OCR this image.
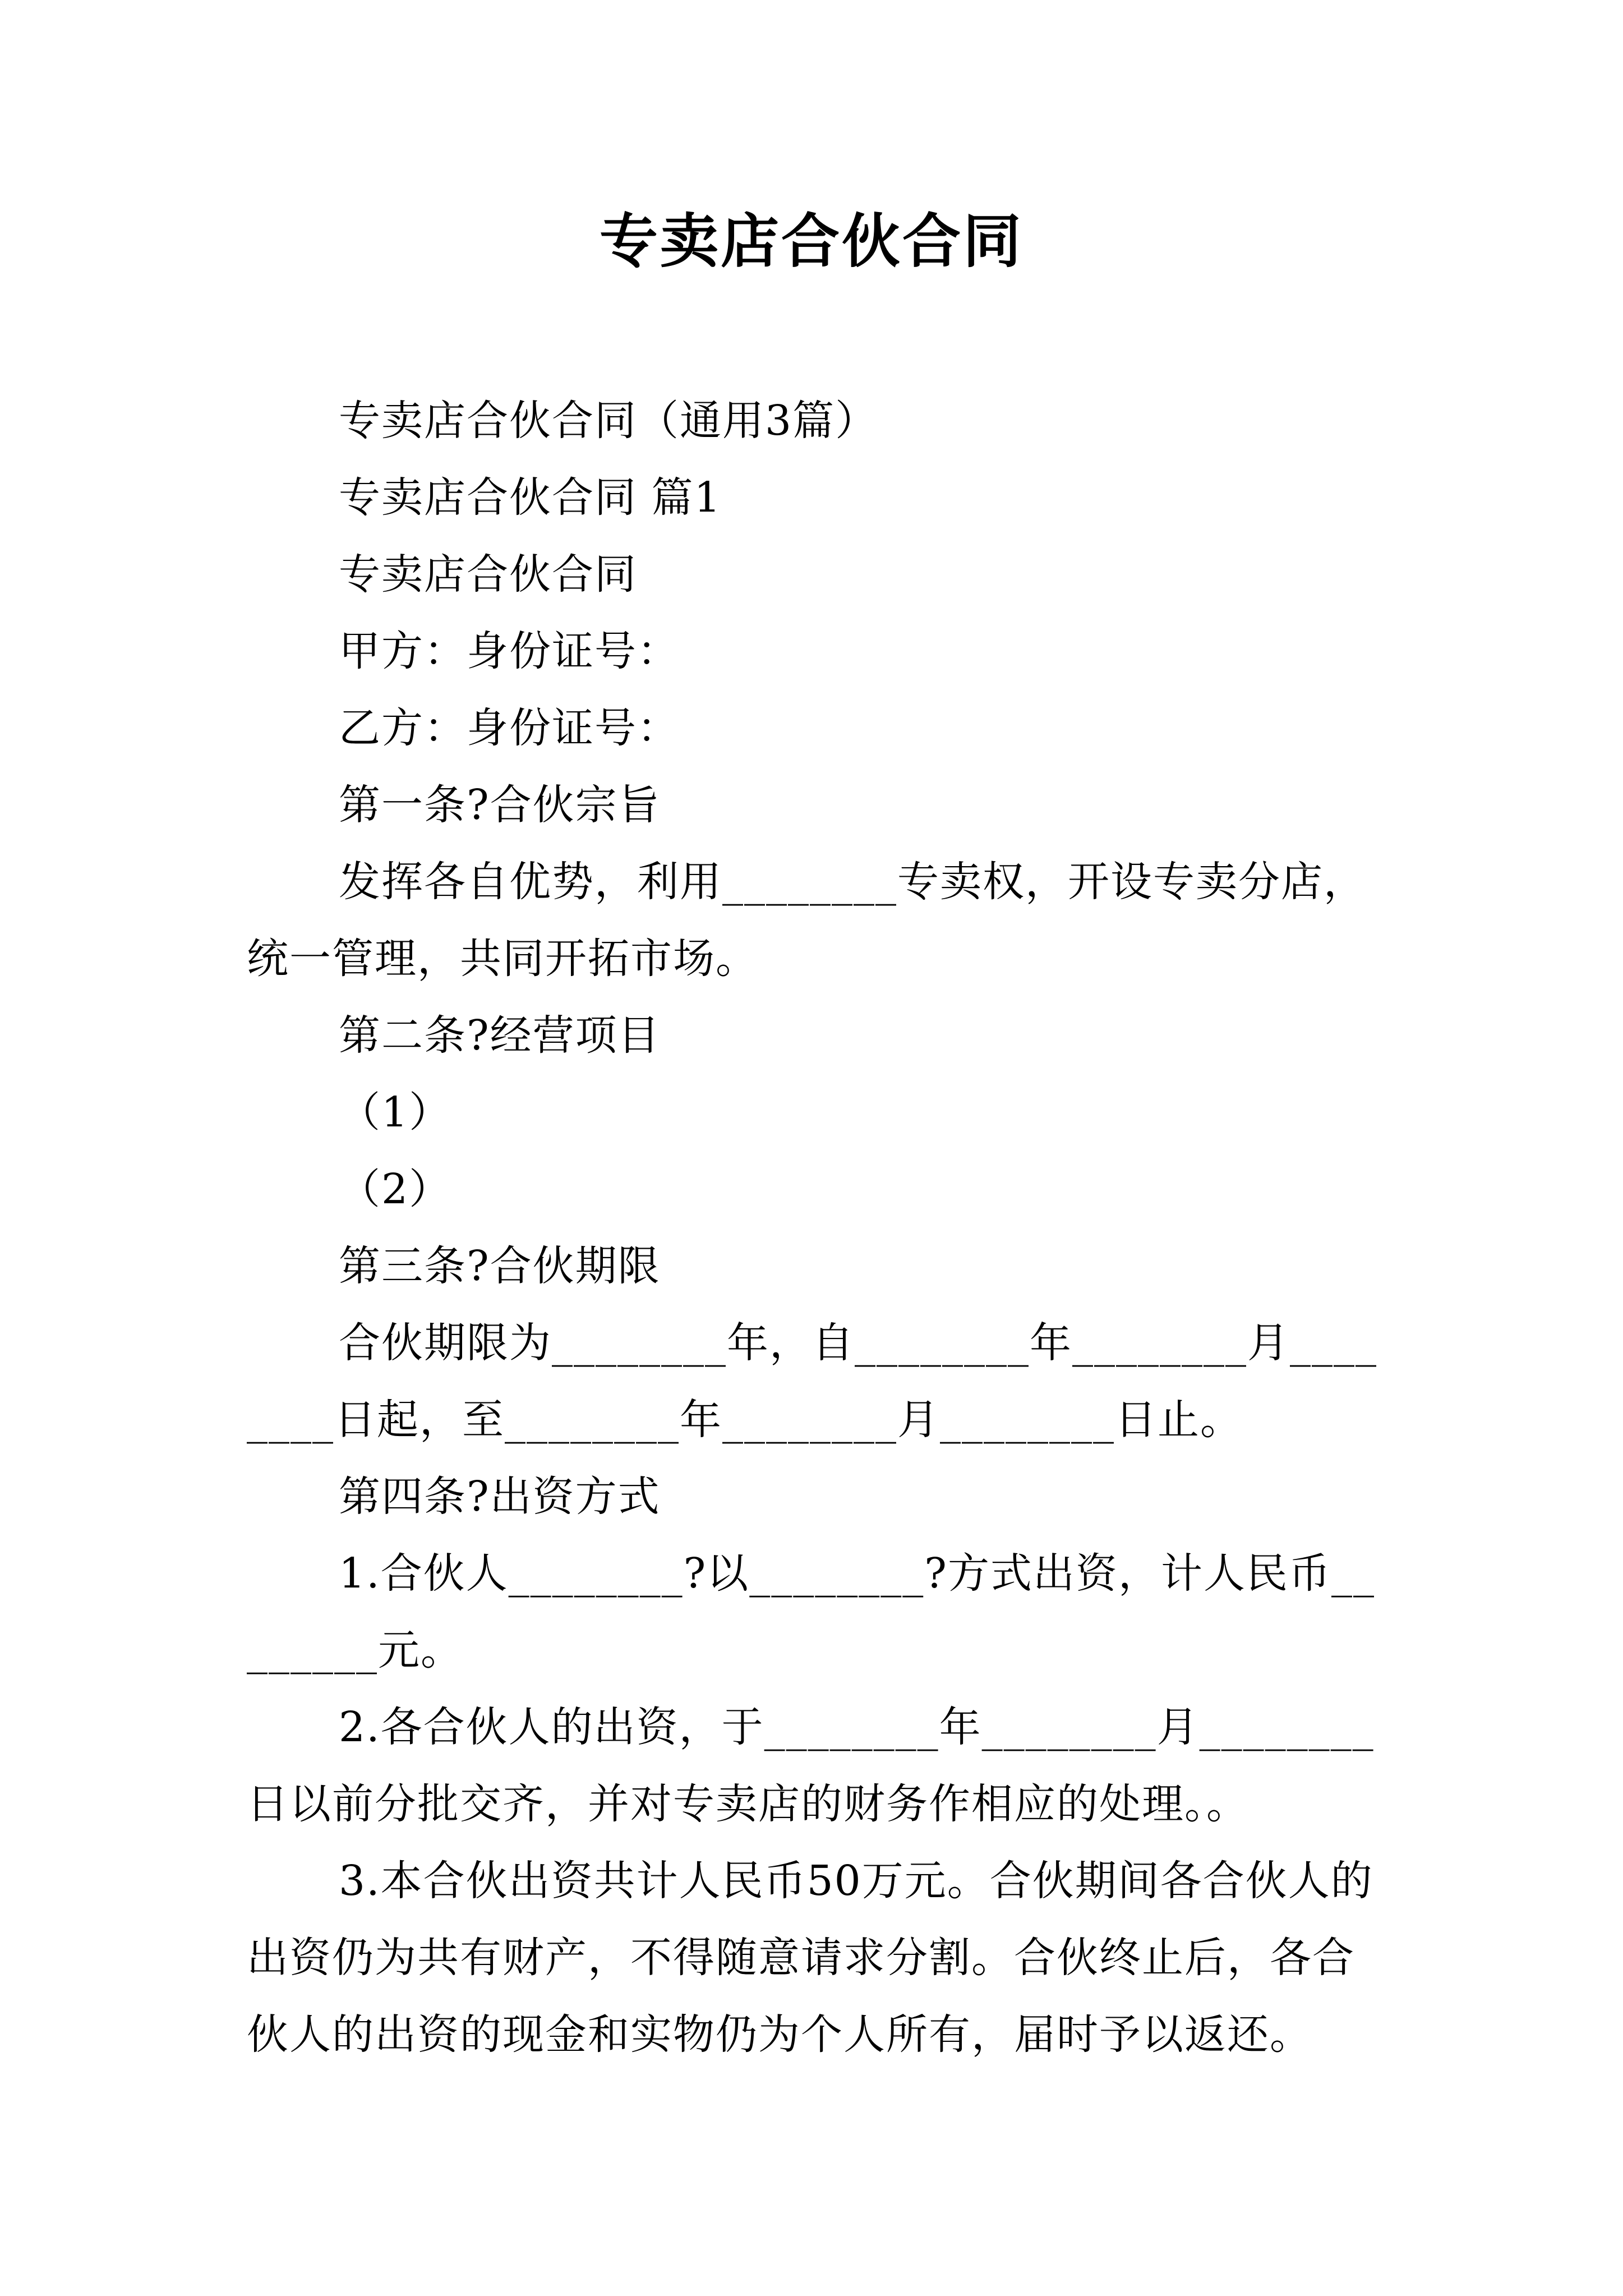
专卖店合伙合同

专卖店合伙合同（通用3篇）

专卖店合伙合同 篇1

专卖店合伙合同

甲方：身份证号：

乙方：身份证号：

第一条?合伙宗旨

发挥各自优势，利用________专卖权，开设专卖分店，统一管理，共同开拓市场。

第二条?经营项目

（1）

（2）

第三条?合伙期限

合伙期限为________年，自________年________月________日起，至________年________月________日止。

第四条?出资方式

1.合伙人________?以________?方式出资，计人民币________元。

2.各合伙人的出资，于________年________月________日以前分批交齐，并对专卖店的财务作相应的处理。。

3.本合伙出资共计人民币50万元。合伙期间各合伙人的出资仍为共有财产，不得随意请求分割。合伙终止后，各合伙人的出资的现金和实物仍为个人所有，届时予以返还。
